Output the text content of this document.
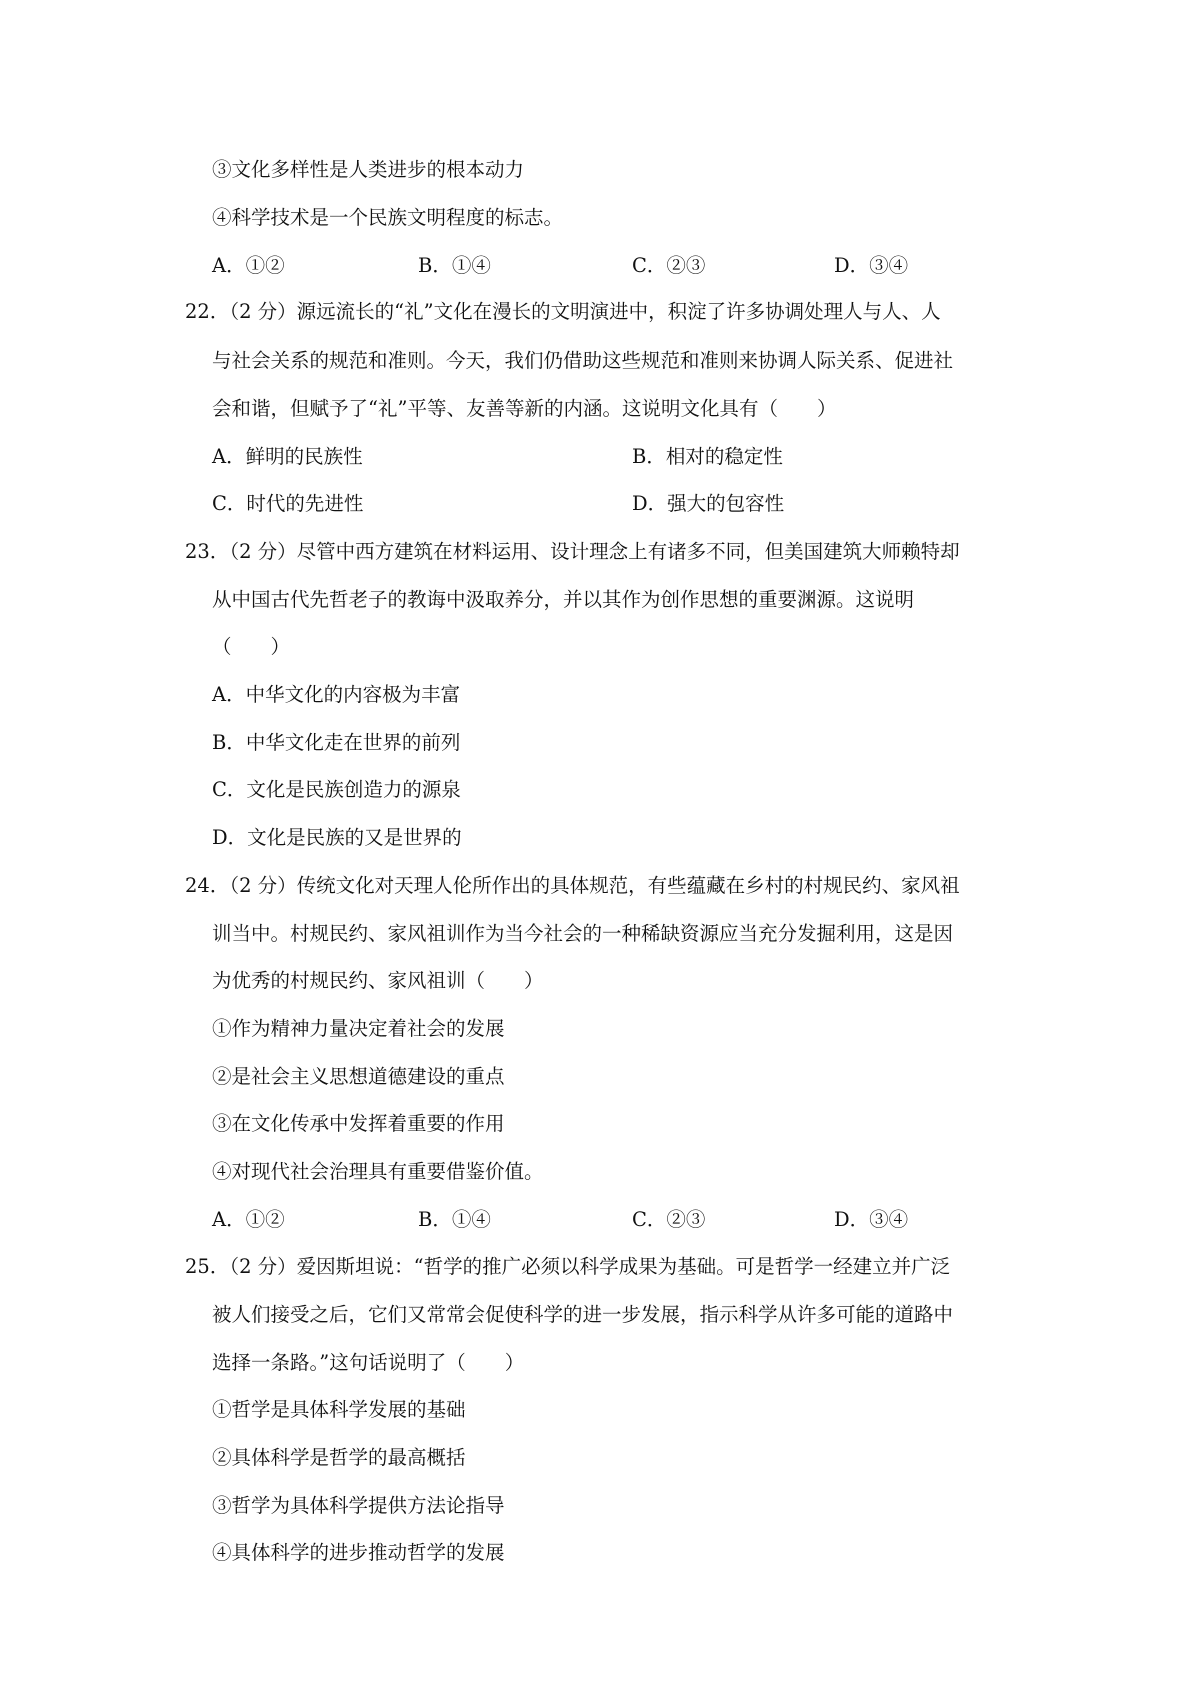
③文化多样性是人类进步的根本动力
④科学技术是一个民族文明程度的标志。
A．①②	B．①④	C．②③	D．③④
22．（2 分）源远流长的“礼”文化在漫长的文明演进中，积淀了许多协调处理人与人、人
与社会关系的规范和准则。今天，我们仍借助这些规范和准则来协调人际关系、促进社
会和谐，但赋予了“礼”平等、友善等新的内涵。这说明文化具有（　　）
A．鲜明的民族性	B．相对的稳定性
C．时代的先进性	D．强大的包容性
23．（2 分）尽管中西方建筑在材料运用、设计理念上有诸多不同，但美国建筑大师赖特却
从中国古代先哲老子的教诲中汲取养分，并以其作为创作思想的重要渊源。这说明
（　　）
A．中华文化的内容极为丰富
B．中华文化走在世界的前列
C．文化是民族创造力的源泉
D．文化是民族的又是世界的
24．（2 分）传统文化对天理人伦所作出的具体规范，有些蕴藏在乡村的村规民约、家风祖
训当中。村规民约、家风祖训作为当今社会的一种稀缺资源应当充分发掘利用，这是因
为优秀的村规民约、家风祖训（　　）
①作为精神力量决定着社会的发展
②是社会主义思想道德建设的重点
③在文化传承中发挥着重要的作用
④对现代社会治理具有重要借鉴价值。
A．①②	B．①④	C．②③	D．③④
25．（2 分）爱因斯坦说：“哲学的推广必须以科学成果为基础。可是哲学一经建立并广泛
被人们接受之后，它们又常常会促使科学的进一步发展，指示科学从许多可能的道路中
选择一条路。”这句话说明了（　　）
①哲学是具体科学发展的基础
②具体科学是哲学的最高概括
③哲学为具体科学提供方法论指导
④具体科学的进步推动哲学的发展
